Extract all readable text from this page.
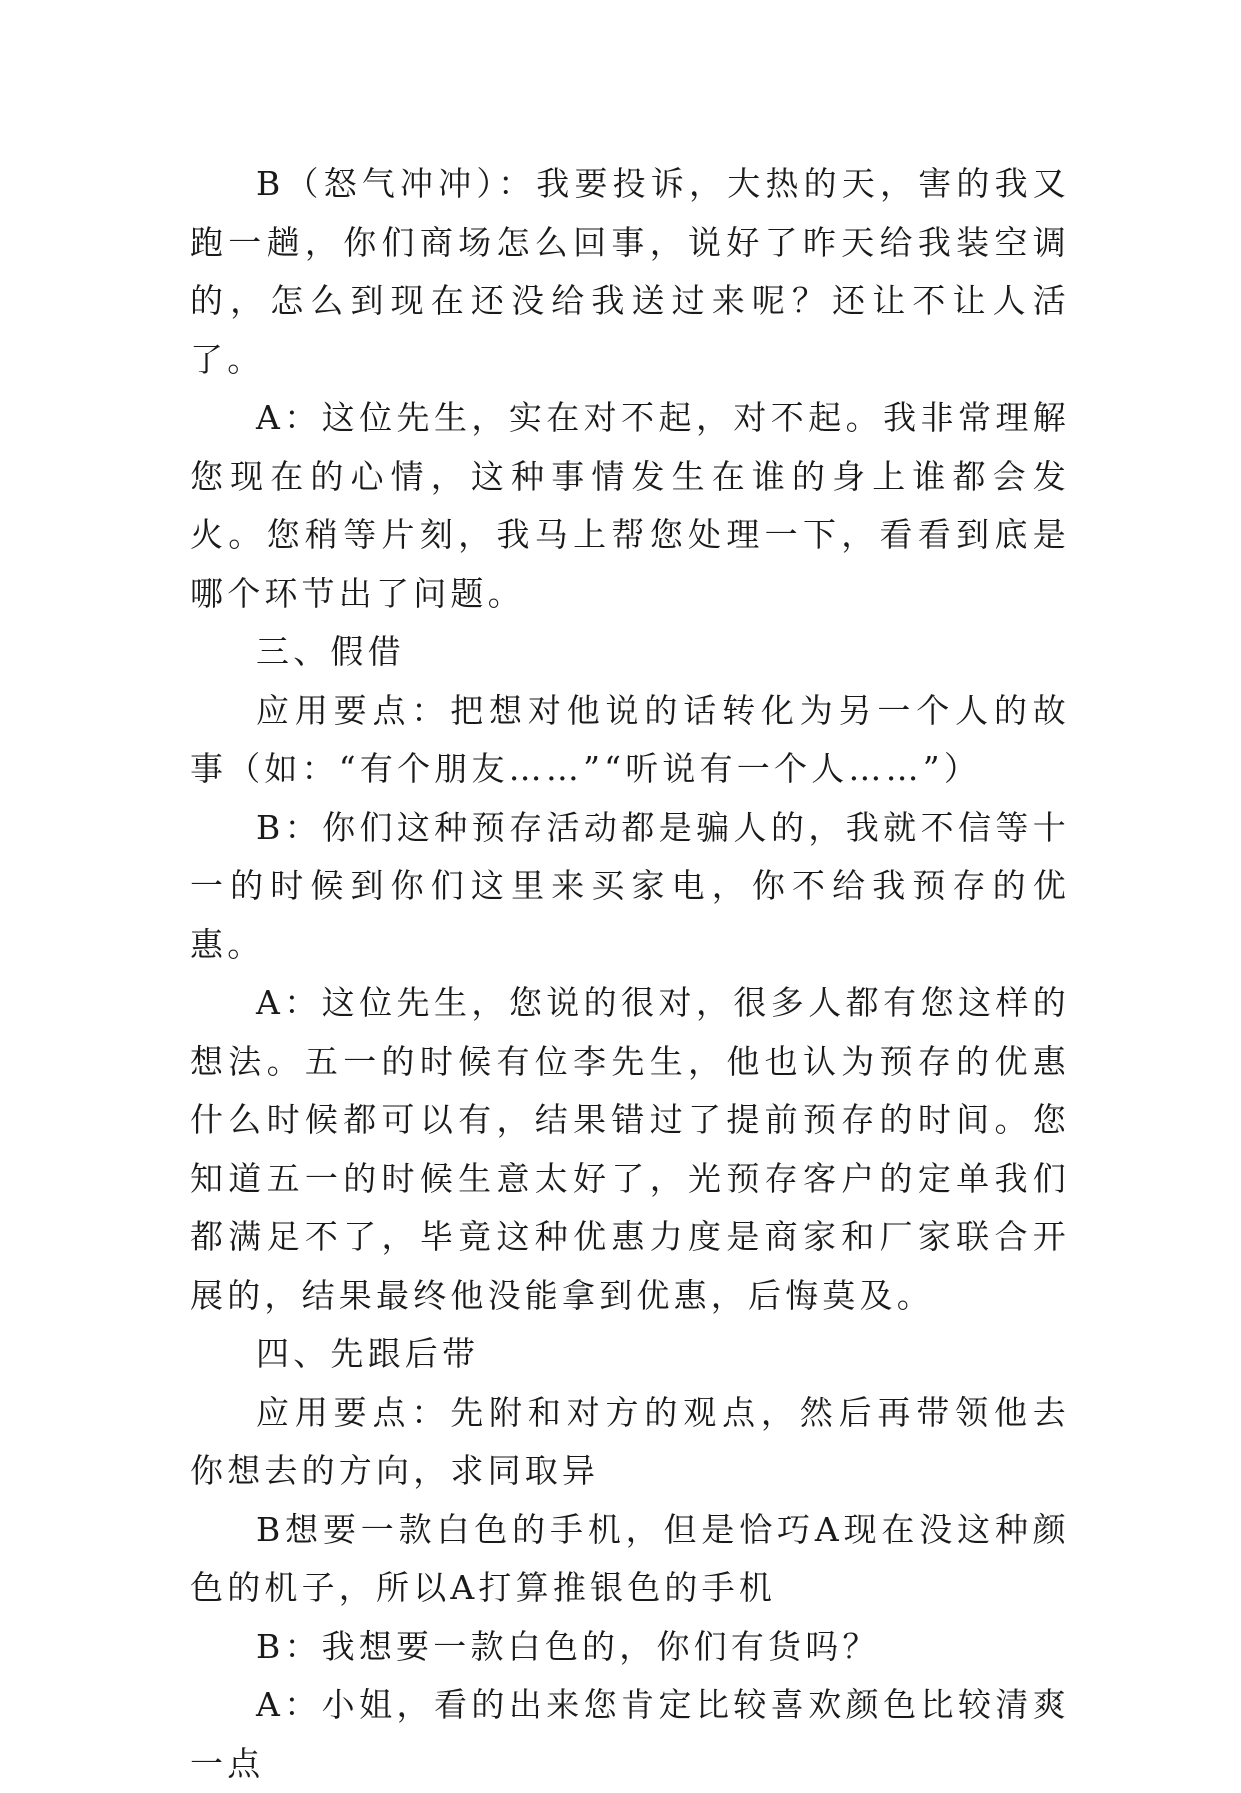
B（怒气冲冲）：我要投诉，大热的天，害的我又跑一趟，你们商场怎么回事，说好了昨天给我装空调的，怎么到现在还没给我送过来呢？还让不让人活了。

A：这位先生，实在对不起，对不起。我非常理解您现在的心情，这种事情发生在谁的身上谁都会发火。您稍等片刻，我马上帮您处理一下，看看到底是哪个环节出了问题。

三、假借

应用要点：把想对他说的话转化为另一个人的故事（如：“有个朋友……”“听说有一个人……”）

B：你们这种预存活动都是骗人的，我就不信等十一的时候到你们这里来买家电，你不给我预存的优惠。

A：这位先生，您说的很对，很多人都有您这样的想法。五一的时候有位李先生，他也认为预存的优惠什么时候都可以有，结果错过了提前预存的时间。您知道五一的时候生意太好了，光预存客户的定单我们都满足不了，毕竟这种优惠力度是商家和厂家联合开展的，结果最终他没能拿到优惠，后悔莫及。

四、先跟后带

应用要点：先附和对方的观点，然后再带领他去你想去的方向，求同取异

B想要一款白色的手机，但是恰巧A现在没这种颜色的机子，所以A打算推银色的手机

B：我想要一款白色的，你们有货吗？

A：小姐，看的出来您肯定比较喜欢颜色比较清爽一点
